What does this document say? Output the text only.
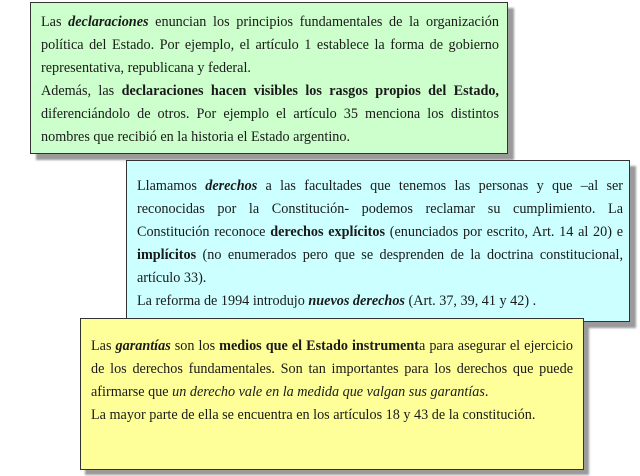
Las declaraciones enuncian los principios fundamentales de la organización política del Estado. Por ejemplo, el artículo 1 establece la forma de gobierno representativa, republicana y federal.

Además, las declaraciones hacen visibles los rasgos propios del Estado, diferenciándolo de otros. Por ejemplo el artículo 35 menciona los distintos nombres que recibió en la historia el Estado argentino.

Llamamos derechos a las facultades que tenemos las personas y que –al ser reconocidas por la Constitución- podemos reclamar su cumplimiento. La Constitución reconoce derechos explícitos (enunciados por escrito, Art. 14 al 20) e implícitos (no enumerados pero que se desprenden de la doctrina constitucional, artículo 33).

La reforma de 1994 introdujo nuevos derechos (Art. 37, 39, 41 y 42) .

Las garantías son los medios que el Estado instrumenta para asegurar el ejercicio de los derechos fundamentales. Son tan importantes para los derechos que puede afirmarse que un derecho vale en la medida que valgan sus garantías.

La mayor parte de ella se encuentra en los artículos 18 y 43 de la constitución.
